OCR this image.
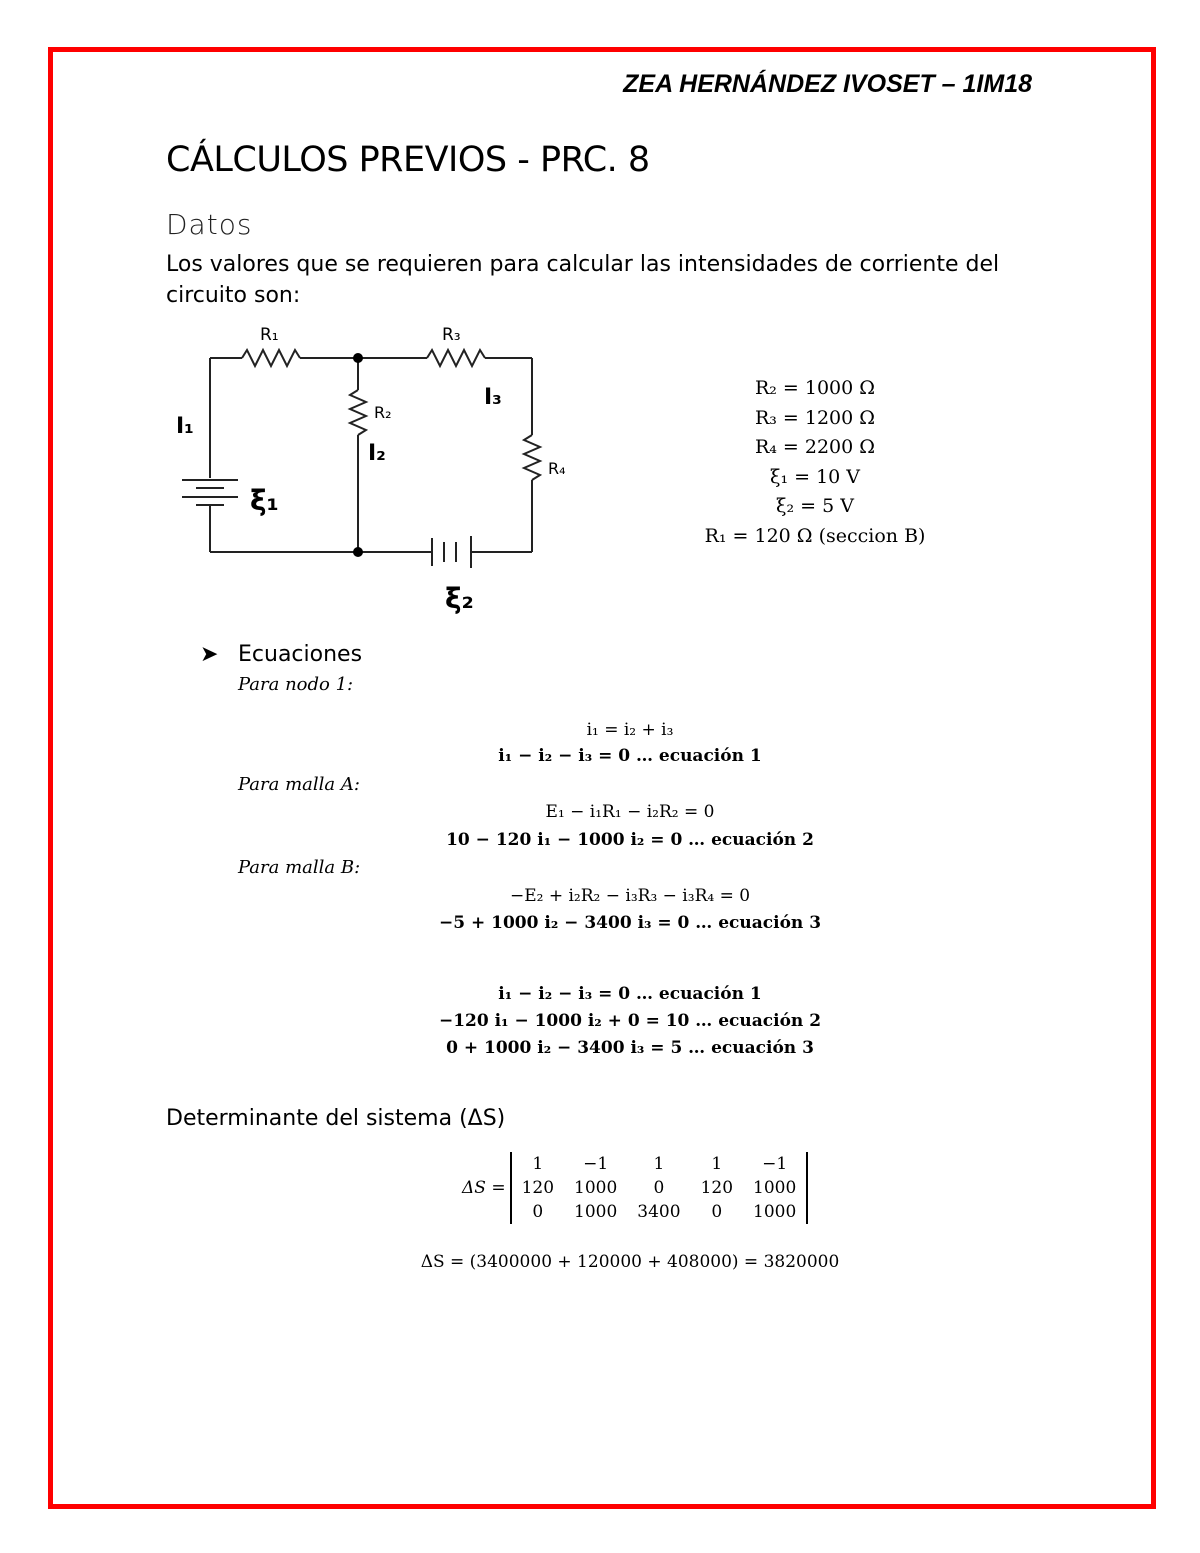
ZEA HERNÁNDEZ IVOSET – 1IM18
CÁLCULOS PREVIOS - PRC. 8
Datos
Los valores que se requieren para calcular las intensidades de corriente del circuito son:
R₁	R₃
R₂
R₄
I₁
I₂
I₃
ξ₁
ξ₂
R₂ = 1000 Ω
R₃ = 1200 Ω
R₄ = 2200 Ω
ξ₁ = 10 V
ξ₂ = 5 V
R₁ = 120 Ω (seccion B)
➤ Ecuaciones
Para nodo 1:
i₁ = i₂ + i₃
i₁ − i₂ − i₃ = 0 … ecuación 1
Para malla A:
E₁ − i₁R₁ − i₂R₂ = 0
10 − 120 i₁ − 1000 i₂ = 0 … ecuación 2
Para malla B:
−E₂ + i₂R₂ − i₃R₃ − i₃R₄ = 0
−5 + 1000 i₂ − 3400 i₃ = 0 … ecuación 3
i₁ − i₂ − i₃ = 0 … ecuación 1
−120 i₁ − 1000 i₂ + 0 = 10 … ecuación 2
0 + 1000 i₂ − 3400 i₃ = 5 … ecuación 3
Determinante del sistema (ΔS)
ΔS =	
1	−1	1	1	−1
120	1000	0	120	1000
0	1000	3400	0	1000
ΔS = (3400000 + 120000 + 408000) = 3820000
